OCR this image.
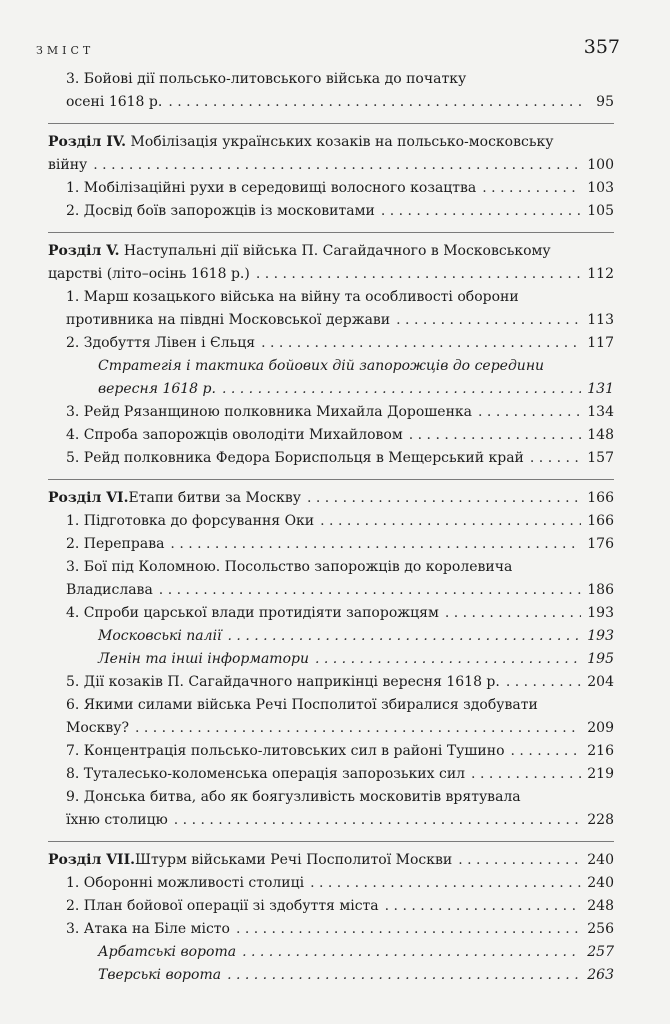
ЗМІСТ	357
3. Бойові дії польсько-литовського війська до початку
осені 1618 р. . . .	95
Розділ IV. Мобілізація українських козаків на польсько-московську
війну . . .	100
1. Мобілізаційні рухи в середовищі волосного козацтва . . .	103
2. Досвід боїв запорожців із московитами . . .	105
Розділ V. Наступальні дії війська П. Сагайдачного в Московському
царстві (літо–осінь 1618 р.) . . .	112
1. Марш козацького війська на війну та особливості оборони
противника на півдні Московської держави . . .	113
2. Здобуття Лівен і Єльця . . .	117
Стратегія і тактика бойових дій запорожців до середини
вересня 1618 р. . . .	131
3. Рейд Рязанщиною полковника Михайла Дорошенка . . .	134
4. Спроба запорожців оволодіти Михайловом . . .	148
5. Рейд полковника Федора Бориспольця в Мещерський край . . .	157
Розділ VI. Етапи битви за Москву . . .	166
1. Підготовка до форсування Оки . . .	166
2. Переправа . . .	176
3. Бої під Коломною. Посольство запорожців до королевича
Владислава . . .	186
4. Спроби царської влади протидіяти запорожцям . . .	193
Московські палії . . .	193
Ленін та інші інформатори . . .	195
5. Дії козаків П. Сагайдачного наприкінці вересня 1618 р. . . .	204
6. Якими силами війська Речі Посполитої збиралися здобувати
Москву? . . .	209
7. Концентрація польсько-литовських сил в районі Тушино . . .	216
8. Туталесько-коломенська операція запорозьких сил . . .	219
9. Донська битва, або як боягузливість московитів врятувала
їхню столицю . . .	228
Розділ VII. Штурм військами Речі Посполитої Москви . . .	240
1. Оборонні можливості столиці . . .	240
2. План бойової операції зі здобуття міста . . .	248
3. Атака на Біле місто . . .	256
Арбатські ворота . . .	257
Тверські ворота . . .	263
